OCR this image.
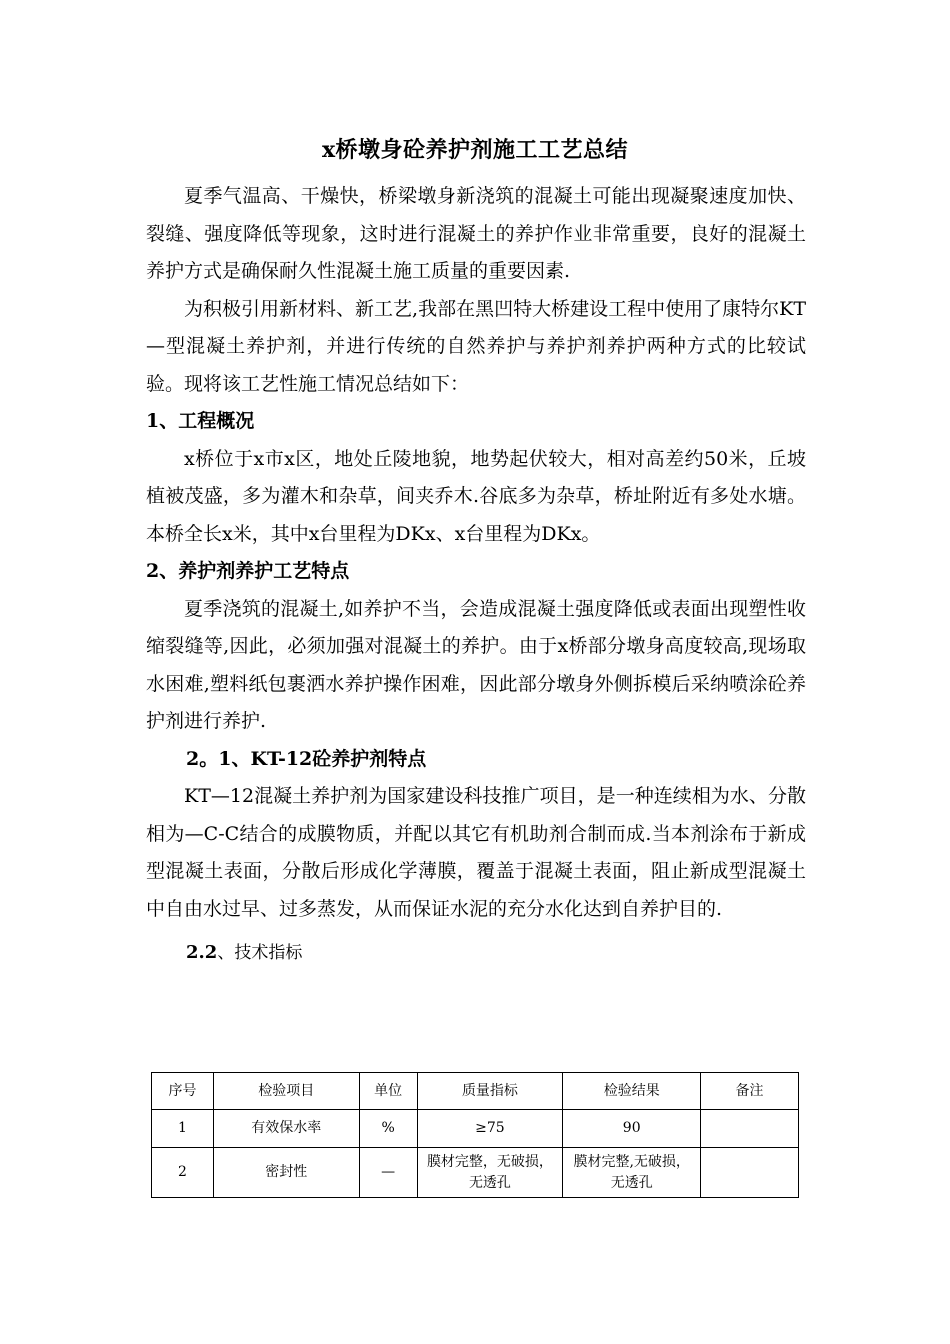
x桥墩身砼养护剂施工工艺总结
夏季气温高、干燥快，桥梁墩身新浇筑的混凝土可能出现凝聚速度加快、裂缝、强度降低等现象，这时进行混凝土的养护作业非常重要，良好的混凝土养护方式是确保耐久性混凝土施工质量的重要因素.
为积极引用新材料、新工艺,我部在黑凹特大桥建设工程中使用了康特尔KT—型混凝土养护剂，并进行传统的自然养护与养护剂养护两种方式的比较试验。现将该工艺性施工情况总结如下：
1、工程概况
x桥位于x市x区，地处丘陵地貌，地势起伏较大，相对高差约50米，丘坡植被茂盛，多为灌木和杂草，间夹乔木.谷底多为杂草，桥址附近有多处水塘。本桥全长x米，其中x台里程为DKx、x台里程为DKx。
2、养护剂养护工艺特点
夏季浇筑的混凝土,如养护不当，会造成混凝土强度降低或表面出现塑性收缩裂缝等,因此，必须加强对混凝土的养护。由于x桥部分墩身高度较高,现场取水困难,塑料纸包裹洒水养护操作困难，因此部分墩身外侧拆模后采纳喷涂砼养护剂进行养护.
2。1、KT-12砼养护剂特点
KT—12混凝土养护剂为国家建设科技推广项目，是一种连续相为水、分散相为—C-C结合的成膜物质，并配以其它有机助剂合制而成.当本剂涂布于新成型混凝土表面，分散后形成化学薄膜，覆盖于混凝土表面，阻止新成型混凝土中自由水过早、过多蒸发，从而保证水泥的充分水化达到自养护目的.
2.2、技术指标
序号	检验项目	单位	质量指标	检验结果	备注
1	有效保水率	%	≥75	90	
2	密封性	—	膜材完整，无破损，无透孔	膜材完整,无破损，无透孔	
